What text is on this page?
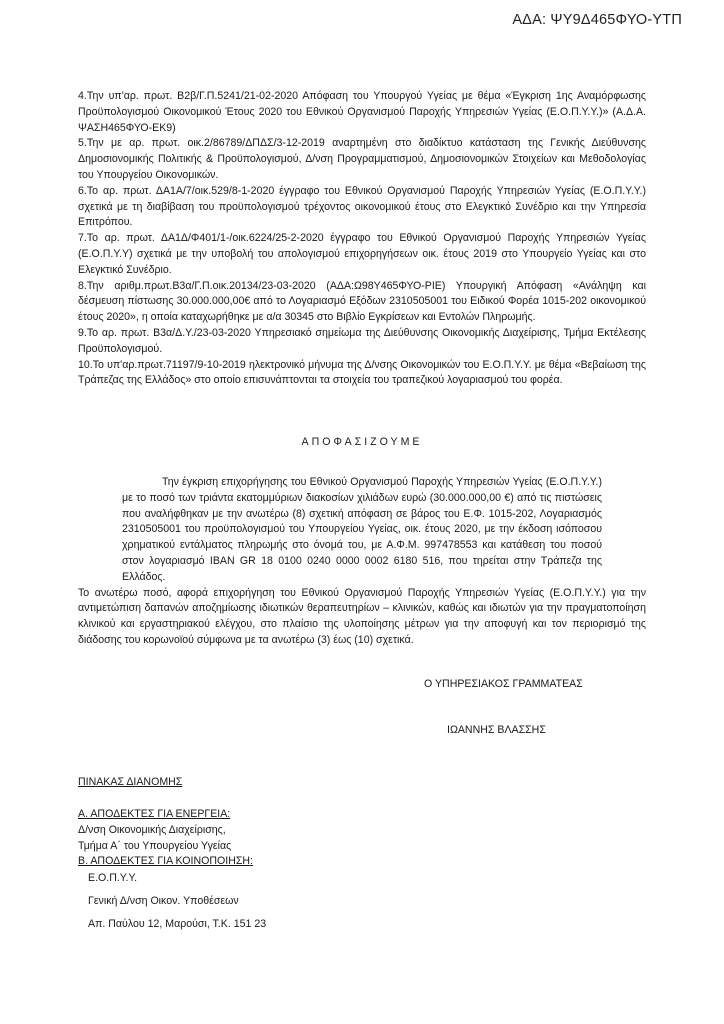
ΑΔΑ: ΨΥ9Δ465ΦΥΟ-ΥΤΠ

4.Την υπ'αρ. πρωτ. Β2β/Γ.Π.5241/21-02-2020 Απόφαση του Υπουργού Υγείας με θέμα «Έγκριση 1ης Αναμόρφωσης Προϋπολογισμού Οικονομικού Έτους 2020 του Εθνικού Οργανισμού Παροχής Υπηρεσιών Υγείας (Ε.Ο.Π.Υ.Υ.)» (Α.Δ.Α. ΨΑΣΗ465ΦΥΟ-ΕΚ9)

5.Την με αρ. πρωτ. οικ.2/86789/ΔΠΔΣ/3-12-2019 αναρτημένη στο διαδίκτυο κατάσταση της Γενικής Διεύθυνσης Δημοσιονομικής Πολιτικής & Προϋπολογισμού, Δ/νση Προγραμματισμού, Δημοσιονομικών Στοιχείων και Μεθοδολογίας του Υπουργείου Οικονομικών.

6.Το αρ. πρωτ. ΔΑ1Α/7/οικ.529/8-1-2020 έγγραφο του Εθνικού Οργανισμού Παροχής Υπηρεσιών Υγείας (Ε.Ο.Π.Υ.Υ.) σχετικά με τη διαβίβαση του προϋπολογισμού τρέχοντος οικονομικού έτους στο Ελεγκτικό Συνέδριο και την Υπηρεσία Επιτρόπου.

7.Το αρ. πρωτ. ΔΑ1Δ/Φ401/1-/οικ.6224/25-2-2020 έγγραφο του Εθνικού Οργανισμού Παροχής Υπηρεσιών Υγείας (Ε.Ο.Π.Υ.Υ) σχετικά με την υποβολή του απολογισμού επιχορηγήσεων οικ. έτους 2019 στο Υπουργείο Υγείας και στο Ελεγκτικό Συνέδριο.

8.Την αριθμ.πρωτ.Β3α/Γ.Π.οικ.20134/23-03-2020 (ΑΔΑ:Ω98Υ465ΦΥΟ-ΡΙΕ) Υπουργική Απόφαση «Ανάληψη και δέσμευση πίστωσης 30.000.000,00€ από το Λογαριασμό Εξόδων 2310505001 του Ειδικού Φορέα 1015-202 οικονομικού έτους 2020», η οποία καταχωρήθηκε με α/α 30345 στο Βιβλίο Εγκρίσεων και Εντολών Πληρωμής.

9.Το αρ. πρωτ. Β3α/Δ.Υ./23-03-2020 Υπηρεσιακό σημείωμα της Διεύθυνσης Οικονομικής Διαχείρισης, Τμήμα Εκτέλεσης Προϋπολογισμού.

10.Το υπ'αρ.πρωτ.71197/9-10-2019 ηλεκτρονικό μήνυμα της Δ/νσης Οικονομικών του Ε.Ο.Π.Υ.Υ. με θέμα «Βεβαίωση της Τράπεζας της Ελλάδος» στο οποίο επισυνάπτονται τα στοιχεία του τραπεζικού λογαριασμού του φορέα.

ΑΠΟΦΑΣΙΖΟΥΜΕ

Την έγκριση επιχορήγησης του Εθνικού Οργανισμού Παροχής Υπηρεσιών Υγείας (Ε.Ο.Π.Υ.Υ.) με το ποσό των τριάντα εκατομμύριων διακοσίων χιλιάδων ευρώ (30.000.000,00 €) από τις πιστώσεις που αναλήφθηκαν με την ανωτέρω (8) σχετική απόφαση σε βάρος του Ε.Φ. 1015-202, Λογαριασμός 2310505001 του προϋπολογισμού του Υπουργείου Υγείας, οικ. έτους 2020, με την έκδοση ισόποσου χρηματικού εντάλματος πληρωμής στο όνομά του, με Α.Φ.Μ. 997478553 και κατάθεση του ποσού στον λογαριασμό IBAN GR 18 0100 0240 0000 0002 6180 516, που τηρείται στην Τράπεζα της Ελλάδος.

Το ανωτέρω ποσό, αφορά επιχορήγηση του Εθνικού Οργανισμού Παροχής Υπηρεσιών Υγείας (Ε.Ο.Π.Υ.Υ.) για την αντιμετώπιση δαπανών αποζημίωσης ιδιωτικών θεραπευτηρίων – κλινικών, καθώς και ιδιωτών για την πραγματοποίηση κλινικού και εργαστηριακού ελέγχου, στο πλαίσιο της υλοποίησης μέτρων για την αποφυγή και τον περιορισμό της διάδοσης του κορωνοϊού σύμφωνα με τα ανωτέρω (3) έως (10) σχετικά.

Ο ΥΠΗΡΕΣΙΑΚΟΣ ΓΡΑΜΜΑΤΕΑΣ
ΙΩΑΝΝΗΣ ΒΛΑΣΣΗΣ
ΠΙΝΑΚΑΣ ΔΙΑΝΟΜΗΣ
Α. ΑΠΟΔΕΚΤΕΣ ΓΙΑ ΕΝΕΡΓΕΙΑ:
Δ/νση Οικονομικής Διαχείρισης,
Τμήμα Α΄ του Υπουργείου Υγείας
Β. ΑΠΟΔΕΚΤΕΣ ΓΙΑ ΚΟΙΝΟΠΟΙΗΣΗ:
Ε.Ο.Π.Υ.Υ.
Γενική Δ/νση Οικον. Υποθέσεων
Απ. Παύλου 12, Μαρούσι, Τ.Κ. 151 23
